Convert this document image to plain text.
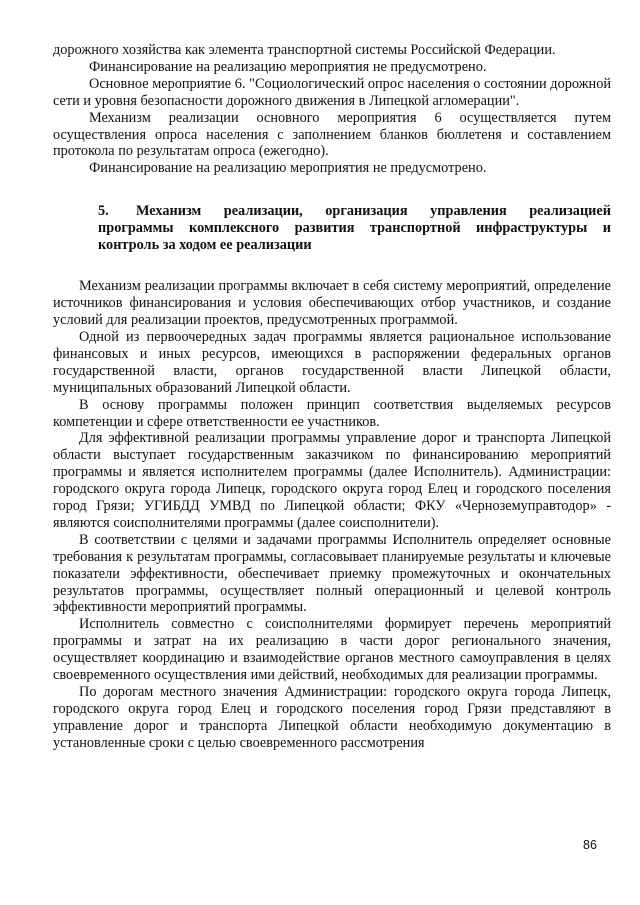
дорожного хозяйства как элемента транспортной системы Российской Федерации.

Финансирование на реализацию мероприятия не предусмотрено.

Основное мероприятие 6. "Социологический опрос населения о состоянии дорожной сети и уровня безопасности дорожного движения в Липецкой агломерации".

Механизм реализации основного мероприятия 6 осуществляется путем осуществления опроса населения с заполнением бланков бюллетеня и составлением протокола по результатам опроса (ежегодно).

Финансирование на реализацию мероприятия не предусмотрено.

5. Механизм реализации, организация управления реализацией программы комплексного развития транспортной инфраструктуры и контроль за ходом ее реализации

Механизм реализации программы включает в себя систему мероприятий, определение источников финансирования и условия обеспечивающих отбор участников, и создание условий для реализации проектов, предусмотренных программой.

Одной из первоочередных задач программы является рациональное использование финансовых и иных ресурсов, имеющихся в распоряжении федеральных органов государственной власти, органов государственной власти Липецкой области, муниципальных образований Липецкой области.

В основу программы положен принцип соответствия выделяемых ресурсов компетенции и сфере ответственности ее участников.

Для эффективной реализации программы управление дорог и транспорта Липецкой области выступает государственным заказчиком по финансированию мероприятий программы и является исполнителем программы (далее Исполнитель). Администрации: городского округа города Липецк, городского округа город Елец и городского поселения город Грязи; УГИБДД УМВД по Липецкой области; ФКУ «Черноземуправтодор» - являются соисполнителями программы (далее соисполнители).

В соответствии с целями и задачами программы Исполнитель определяет основные требования к результатам программы, согласовывает планируемые результаты и ключевые показатели эффективности, обеспечивает приемку промежуточных и окончательных результатов программы, осуществляет полный операционный и целевой контроль эффективности мероприятий программы.

Исполнитель совместно с соисполнителями формирует перечень мероприятий программы и затрат на их реализацию в части дорог регионального значения, осуществляет координацию и взаимодействие органов местного самоуправления в целях своевременного осуществления ими действий, необходимых для реализации программы.

По дорогам местного значения Администрации: городского округа города Липецк, городского округа город Елец и городского поселения город Грязи представляют в управление дорог и транспорта Липецкой области необходимую документацию в установленные сроки с целью своевременного рассмотрения

86
